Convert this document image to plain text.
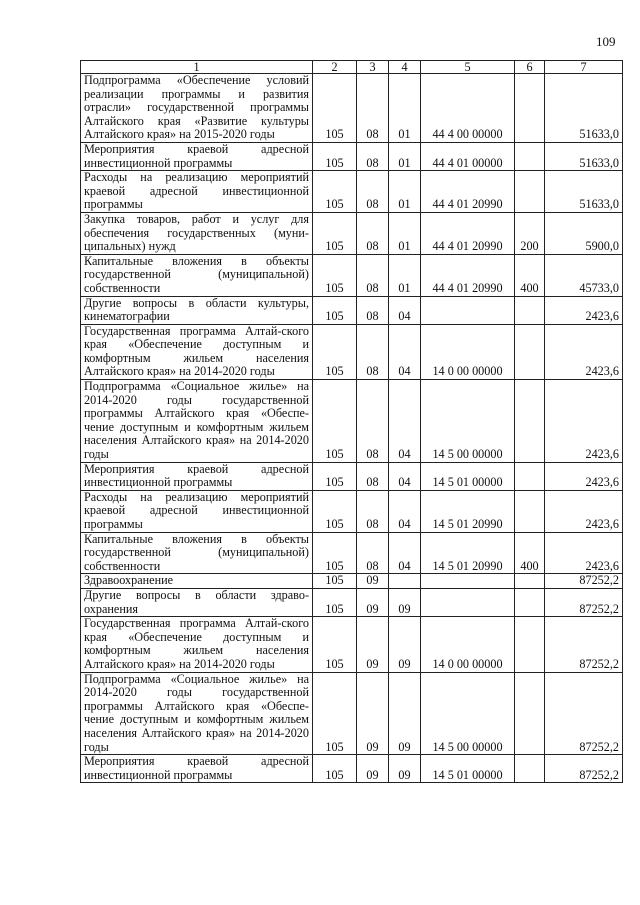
109
1	2	3	4	5	6	7
Подпрограмма «Обеспечение условий реализации программы и развития отрасли» государственной программы Алтайского края «Развитие культуры Алтайского края» на 2015-2020 годы	105	08	01	44 4 00 00000		51633,0
Мероприятия краевой адресной инвестиционной программы	105	08	01	44 4 01 00000		51633,0
Расходы на реализацию мероприятий краевой адресной инвестиционной программы	105	08	01	44 4 01 20990		51633,0
Закупка товаров, работ и услуг для обеспечения государственных (муни-ципальных) нужд	105	08	01	44 4 01 20990	200	5900,0
Капитальные вложения в объекты государственной (муниципальной) собственности	105	08	01	44 4 01 20990	400	45733,0
Другие вопросы в области культуры, кинематографии	105	08	04			2423,6
Государственная программа Алтай-ского края «Обеспечение доступным и комфортным жильем населения Алтайского края» на 2014-2020 годы	105	08	04	14 0 00 00000		2423,6
Подпрограмма «Социальное жилье» на 2014-2020 годы государственной программы Алтайского края «Обеспе-чение доступным и комфортным жильем населения Алтайского края» на 2014-2020 годы	105	08	04	14 5 00 00000		2423,6
Мероприятия краевой адресной инвестиционной программы	105	08	04	14 5 01 00000		2423,6
Расходы на реализацию мероприятий краевой адресной инвестиционной программы	105	08	04	14 5 01 20990		2423,6
Капитальные вложения в объекты государственной (муниципальной) собственности	105	08	04	14 5 01 20990	400	2423,6
Здравоохранение	105	09				87252,2
Другие вопросы в области здраво-охранения	105	09	09			87252,2
Государственная программа Алтай-ского края «Обеспечение доступным и комфортным жильем населения Алтайского края» на 2014-2020 годы	105	09	09	14 0 00 00000		87252,2
Подпрограмма «Социальное жилье» на 2014-2020 годы государственной программы Алтайского края «Обеспе-чение доступным и комфортным жильем населения Алтайского края» на 2014-2020 годы	105	09	09	14 5 00 00000		87252,2
Мероприятия краевой адресной инвестиционной программы	105	09	09	14 5 01 00000		87252,2
